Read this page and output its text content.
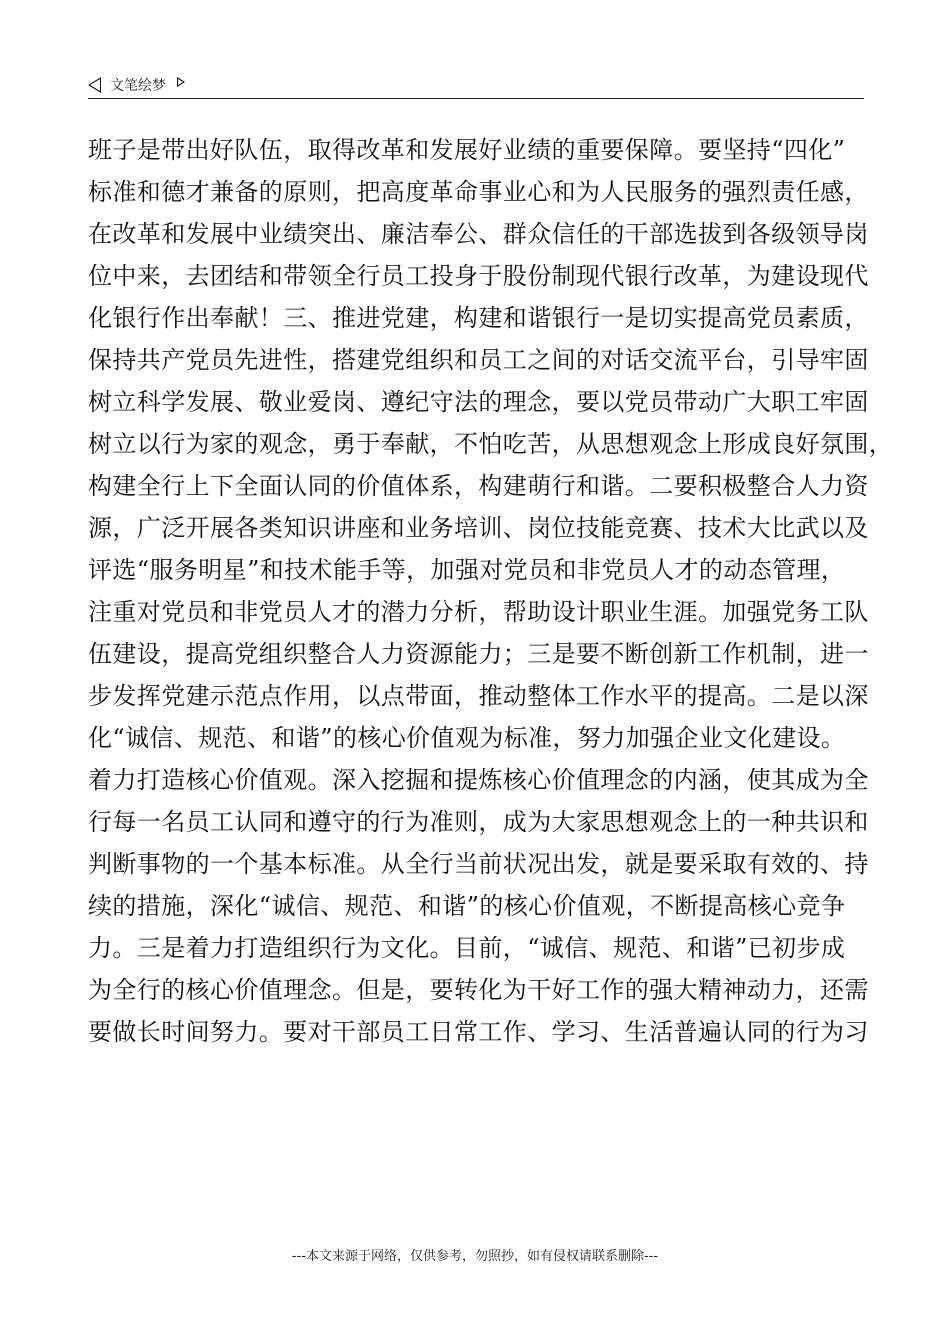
文笔绘梦
班子是带出好队伍，取得改革和发展好业绩的重要保障。要坚持“四化”
标准和德才兼备的原则，把高度革命事业心和为人民服务的强烈责任感，
在改革和发展中业绩突出、廉洁奉公、群众信任的干部选拔到各级领导岗
位中来，去团结和带领全行员工投身于股份制现代银行改革，为建设现代
化银行作出奉献！三、推进党建，构建和谐银行一是切实提高党员素质，
保持共产党员先进性，搭建党组织和员工之间的对话交流平台，引导牢固
树立科学发展、敬业爱岗、遵纪守法的理念，要以党员带动广大职工牢固
树立以行为家的观念，勇于奉献，不怕吃苦，从思想观念上形成良好氛围，
构建全行上下全面认同的价值体系，构建萌行和谐。二要积极整合人力资
源，广泛开展各类知识讲座和业务培训、岗位技能竞赛、技术大比武以及
评选“服务明星”和技术能手等，加强对党员和非党员人才的动态管理，
注重对党员和非党员人才的潜力分析，帮助设计职业生涯。加强党务工队
伍建设，提高党组织整合人力资源能力；三是要不断创新工作机制，进一
步发挥党建示范点作用，以点带面，推动整体工作水平的提高。二是以深
化“诚信、规范、和谐”的核心价值观为标准，努力加强企业文化建设。
着力打造核心价值观。深入挖掘和提炼核心价值理念的内涵，使其成为全
行每一名员工认同和遵守的行为准则，成为大家思想观念上的一种共识和
判断事物的一个基本标准。从全行当前状况出发，就是要采取有效的、持
续的措施，深化“诚信、规范、和谐”的核心价值观，不断提高核心竞争
力。三是着力打造组织行为文化。目前，“诚信、规范、和谐”已初步成
为全行的核心价值理念。但是，要转化为干好工作的强大精神动力，还需
要做长时间努力。要对干部员工日常工作、学习、生活普遍认同的行为习
---本文来源于网络，仅供参考，勿照抄，如有侵权请联系删除---
